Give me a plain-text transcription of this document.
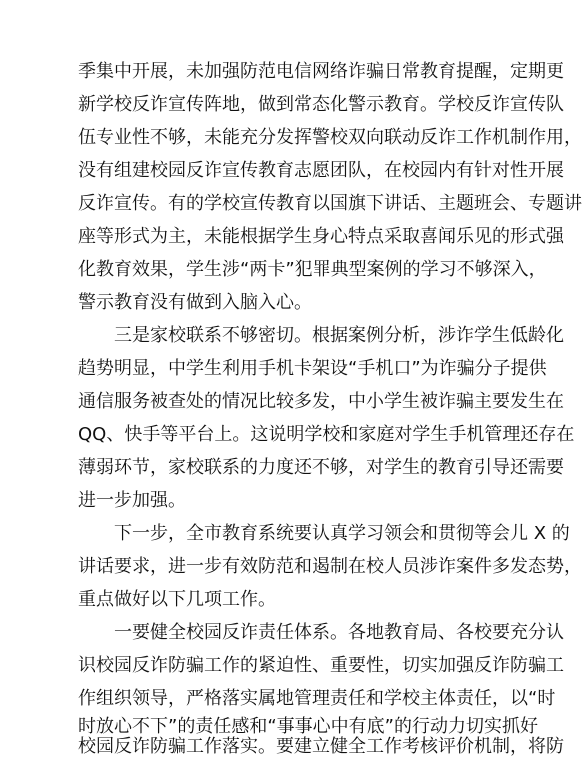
季集中开展，未加强防范电信网络诈骗日常教育提醒，定期更
新学校反诈宣传阵地，做到常态化警示教育。学校反诈宣传队
伍专业性不够，未能充分发挥警校双向联动反诈工作机制作用，
没有组建校园反诈宣传教育志愿团队，在校园内有针对性开展
反诈宣传。有的学校宣传教育以国旗下讲话、主题班会、专题讲
座等形式为主，未能根据学生身心特点采取喜闻乐见的形式强
化教育效果，学生涉“两卡”犯罪典型案例的学习不够深入，
警示教育没有做到入脑入心。
三是家校联系不够密切。根据案例分析，涉诈学生低龄化
趋势明显，中学生利用手机卡架设“手机口”为诈骗分子提供
通信服务被查处的情况比较多发，中小学生被诈骗主要发生在
QQ、快手等平台上。这说明学校和家庭对学生手机管理还存在
薄弱环节，家校联系的力度还不够，对学生的教育引导还需要
进一步加强。
下一步，全市教育系统要认真学习领会和贯彻等会儿 X 的
讲话要求，进一步有效防范和遏制在校人员涉诈案件多发态势，
重点做好以下几项工作。
一要健全校园反诈责任体系。各地教育局、各校要充分认
识校园反诈防骗工作的紧迫性、重要性，切实加强反诈防骗工
作组织领导，严格落实属地管理责任和学校主体责任，以“时
时放心不下”的责任感和“事事心中有底”的行动力切实抓好
校园反诈防骗工作落实。要建立健全工作考核评价机制，将防
